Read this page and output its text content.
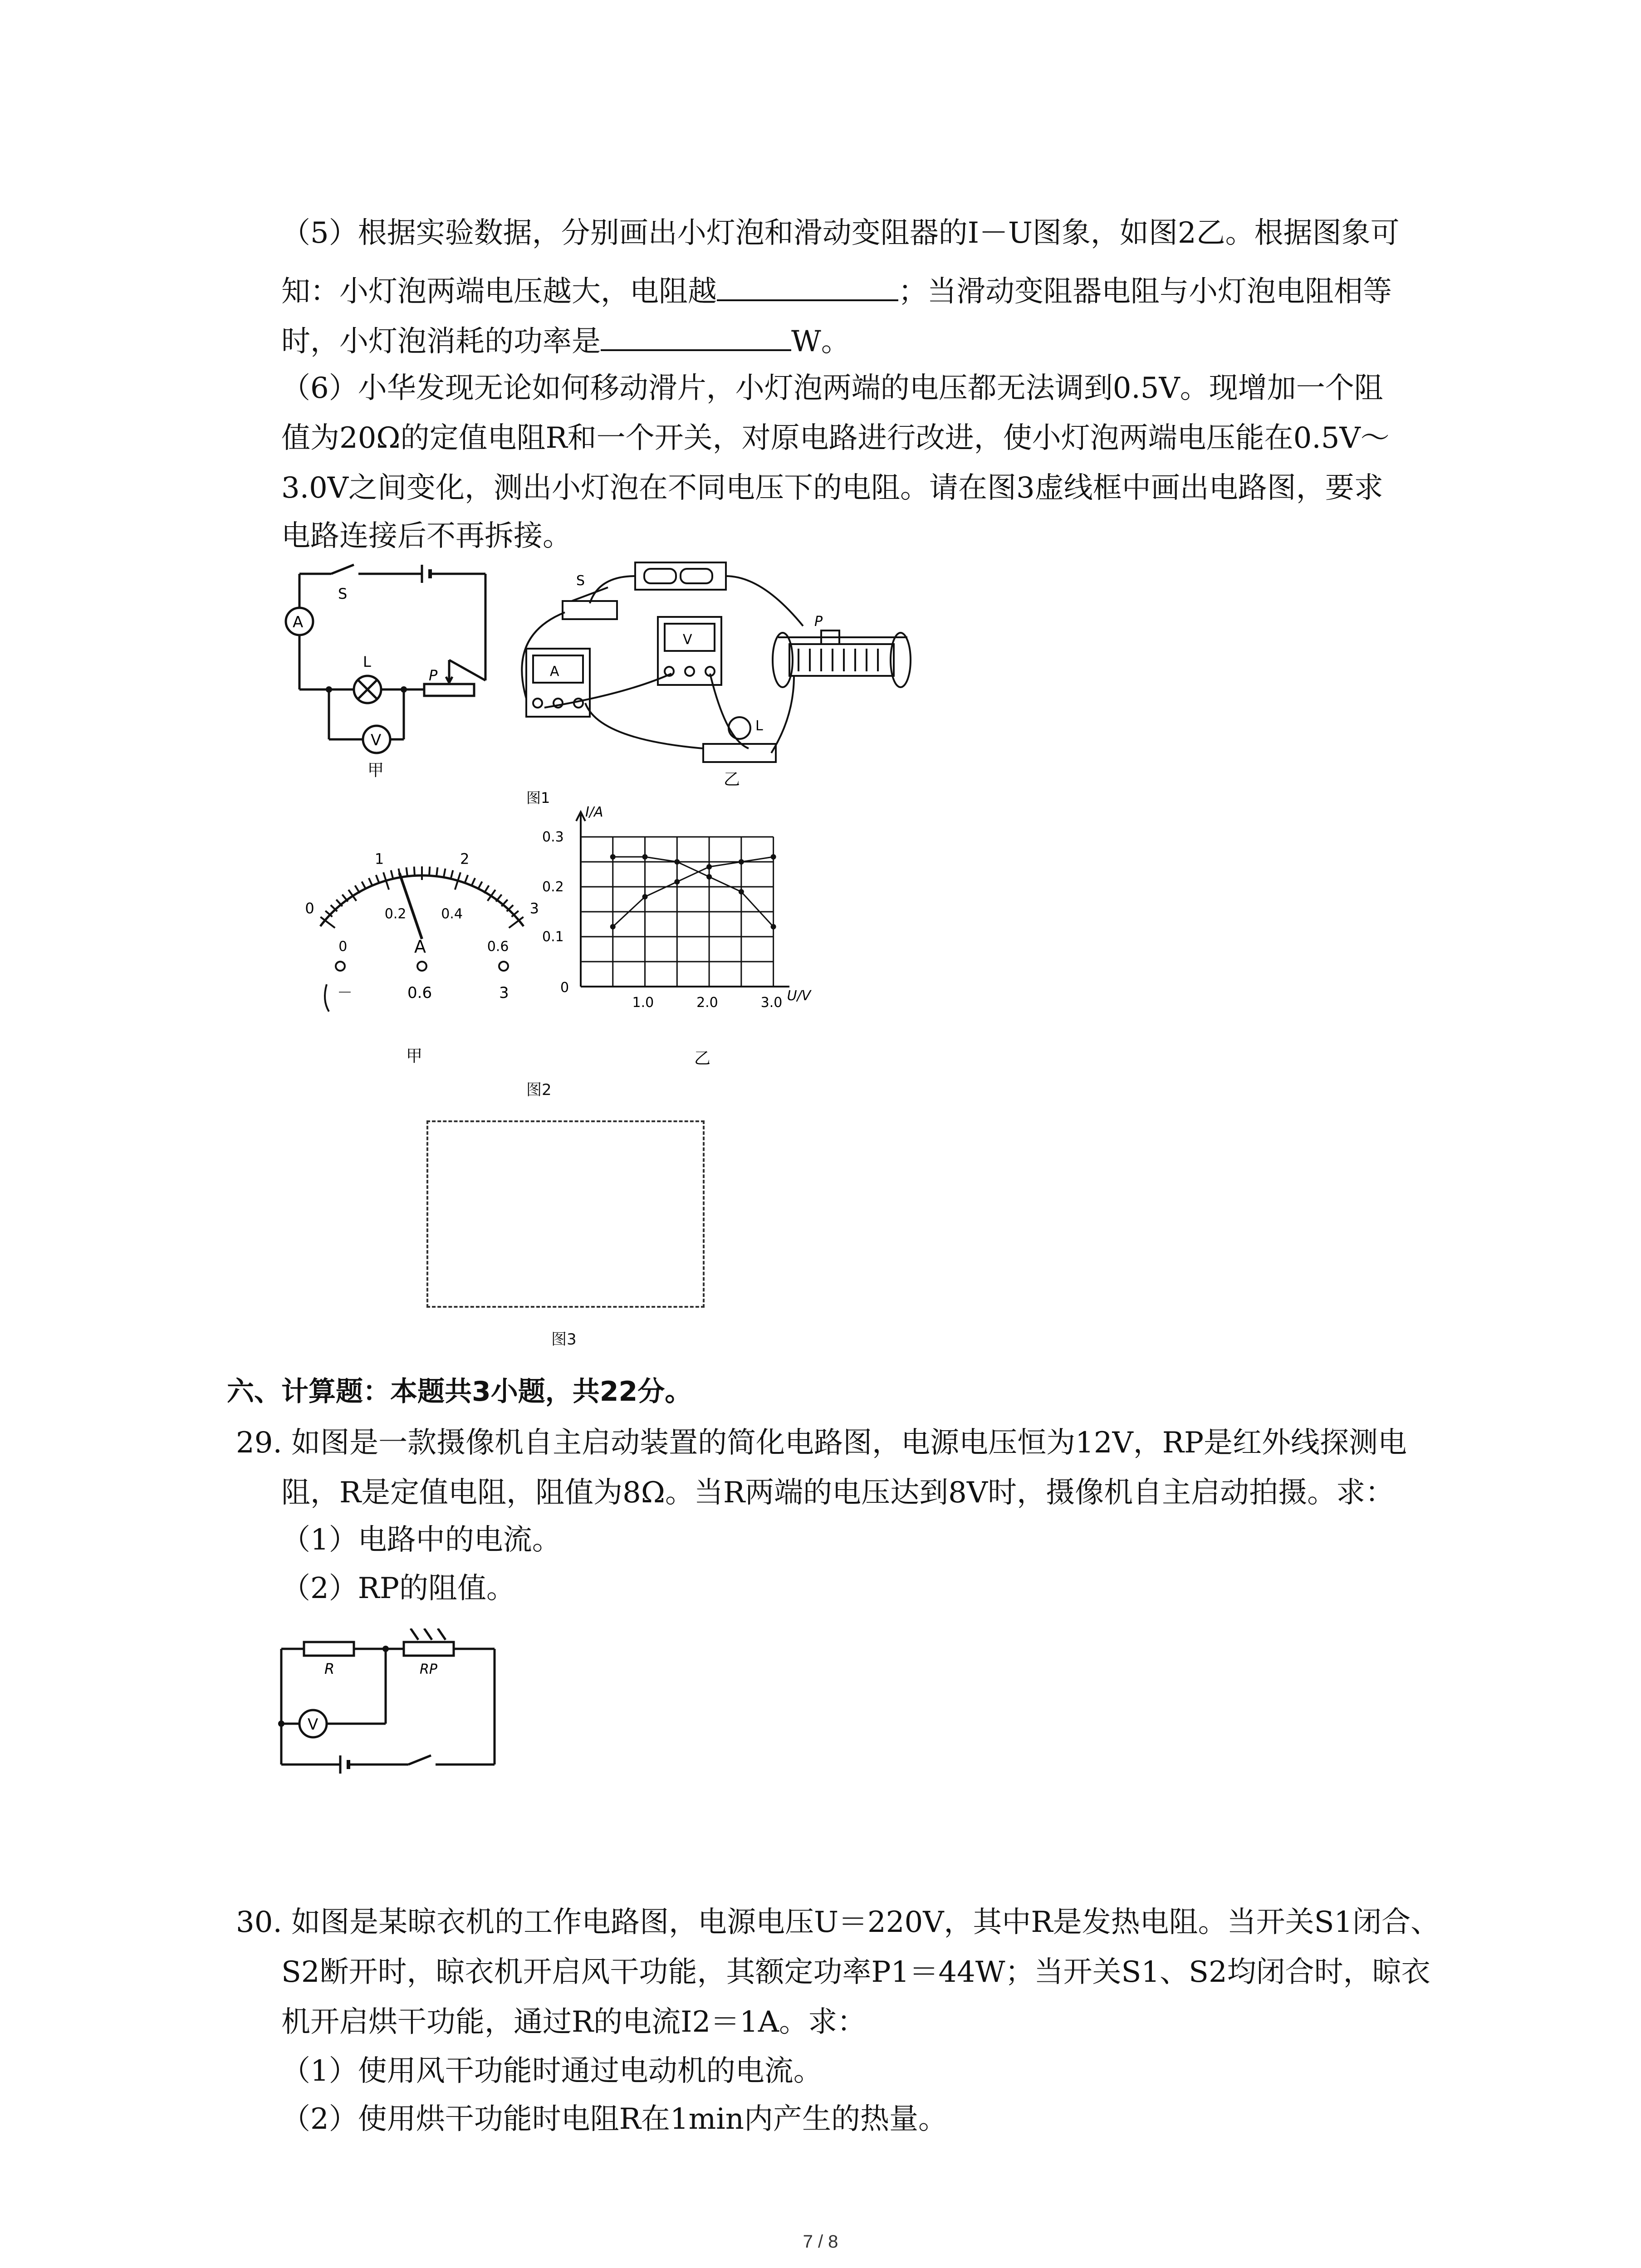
（5）根据实验数据，分别画出小灯泡和滑动变阻器的I－U图象，如图2乙。根据图象可
知：小灯泡两端电压越大，电阻越	；当滑动变阻器电阻与小灯泡电阻相等
时，小灯泡消耗的功率是	W。
（6）小华发现无论如何移动滑片，小灯泡两端的电压都无法调到0.5V。现增加一个阻
值为20Ω的定值电阻R和一个开关，对原电路进行改进，使小灯泡两端电压能在0.5V～
3.0V之间变化，测出小灯泡在不同电压下的电阻。请在图3虚线框中画出电路图，要求
电路连接后不再拆接。
A
V
S
L
P
甲
A
V
S
L
P
乙
图1
0
1	2
3
0
0.2	0.4
0.6
A
－	0.6	3
甲
1.0	2.0	3.0
0
0.1
0.2
0.3
U/V
I/A
乙
图2
图3
六、计算题：本题共3小题，共22分。
29. 如图是一款摄像机自主启动装置的简化电路图，电源电压恒为12V，RP是红外线探测电
阻，R是定值电阻，阻值为8Ω。当R两端的电压达到8V时，摄像机自主启动拍摄。求：
（1）电路中的电流。
（2）RP的阻值。
V
R	RP
30. 如图是某晾衣机的工作电路图，电源电压U＝220V，其中R是发热电阻。当开关S1闭合、
S2断开时，晾衣机开启风干功能，其额定功率P1＝44W；当开关S1、S2均闭合时，晾衣
机开启烘干功能，通过R的电流I2＝1A。求：
（1）使用风干功能时通过电动机的电流。
（2）使用烘干功能时电阻R在1min内产生的热量。
7 / 8
